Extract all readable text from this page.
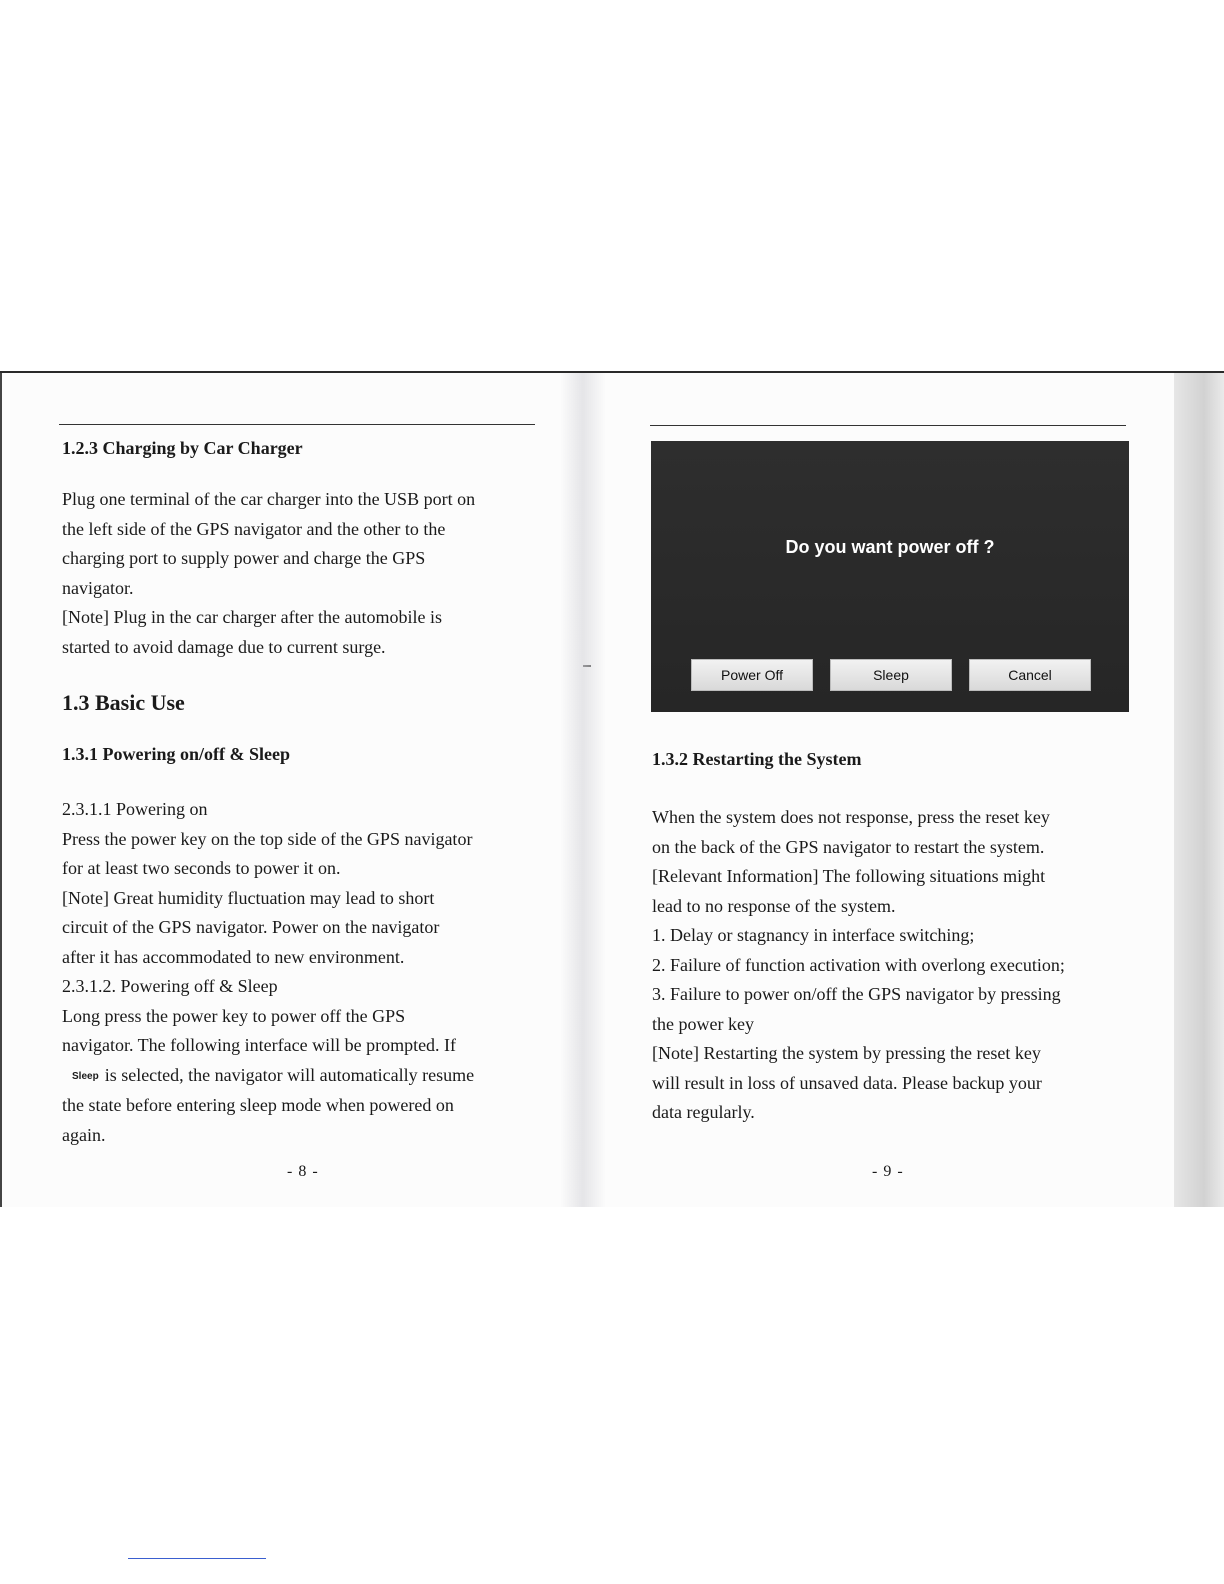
1.2.3 Charging by Car Charger
Plug one terminal of the car charger into the USB port on
the left side of the GPS navigator and the other to the
charging port to supply power and charge the GPS
navigator.
[Note] Plug in the car charger after the automobile is
started to avoid damage due to current surge.
1.3 Basic Use
1.3.1 Powering on/off & Sleep
2.3.1.1 Powering on
Press the power key on the top side of the GPS navigator
for at least two seconds to power it on.
[Note] Great humidity fluctuation may lead to short
circuit of the GPS navigator. Power on the navigator
after it has accommodated to new environment.
2.3.1.2. Powering off & Sleep
Long press the power key to power off the GPS
navigator. The following interface will be prompted. If
Sleep is selected, the navigator will automatically resume
the state before entering sleep mode when powered on
again.
- 8 -
Do you want power off ?
Power Off	Sleep	Cancel
1.3.2 Restarting the System
When the system does not response, press the reset key
on the back of the GPS navigator to restart the system.
[Relevant Information] The following situations might
lead to no response of the system.
1. Delay or stagnancy in interface switching;
2. Failure of function activation with overlong execution;
3. Failure to power on/off the GPS navigator by pressing
the power key
[Note] Restarting the system by pressing the reset key
will result in loss of unsaved data. Please backup your
data regularly.
- 9 -
